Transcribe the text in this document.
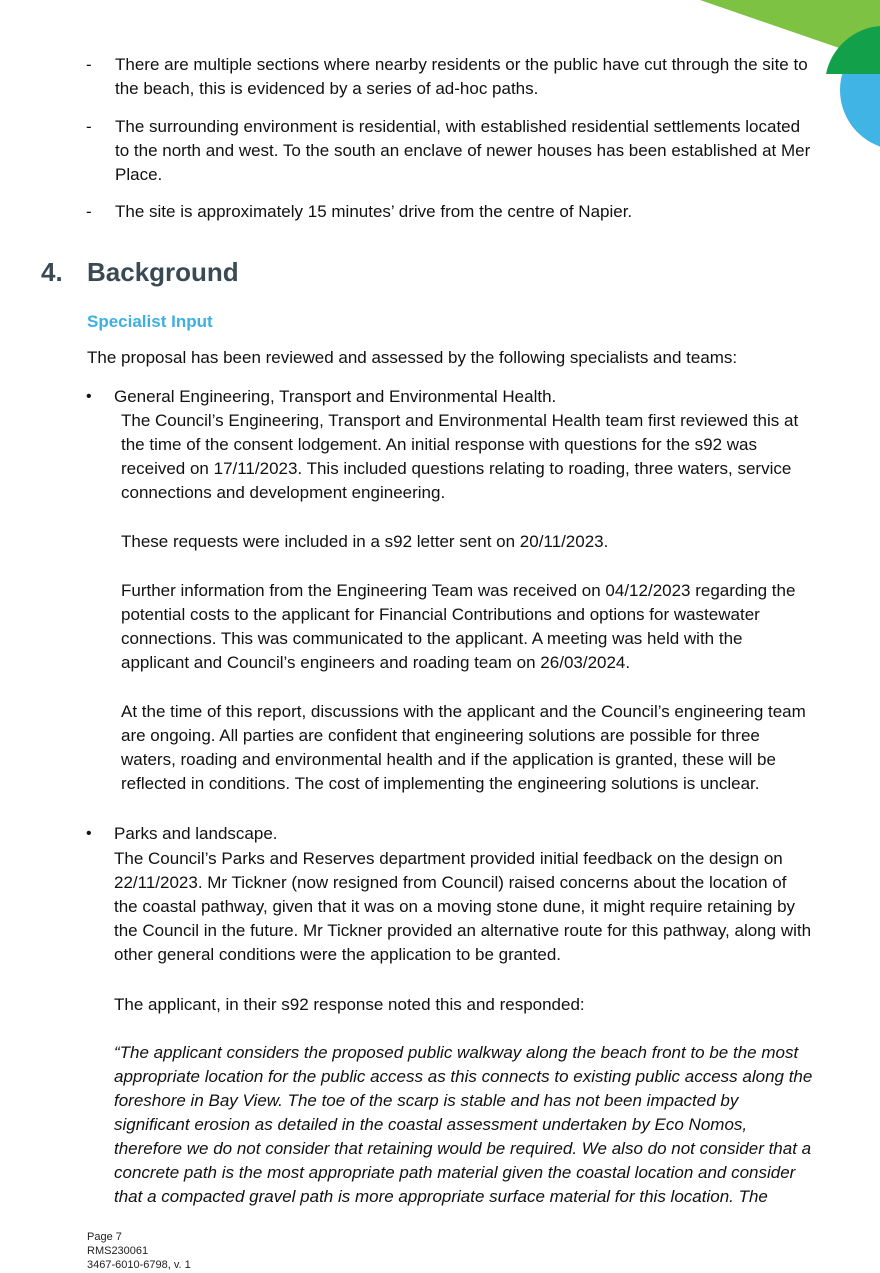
- There are multiple sections where nearby residents or the public have cut through the site to
the beach, this is evidenced by a series of ad-hoc paths.

- The surrounding environment is residential, with established residential settlements located
to the north and west. To the south an enclave of newer houses has been established at Mer
Place.

- The site is approximately 15 minutes’ drive from the centre of Napier.

4. Background
Specialist Input

The proposal has been reviewed and assessed by the following specialists and teams:

• General Engineering, Transport and Environmental Health.

The Council’s Engineering, Transport and Environmental Health team first reviewed this at
the time of the consent lodgement. An initial response with questions for the s92 was
received on 17/11/2023. This included questions relating to roading, three waters, service
connections and development engineering.

These requests were included in a s92 letter sent on 20/11/2023.

Further information from the Engineering Team was received on 04/12/2023 regarding the
potential costs to the applicant for Financial Contributions and options for wastewater
connections. This was communicated to the applicant. A meeting was held with the
applicant and Council’s engineers and roading team on 26/03/2024.

At the time of this report, discussions with the applicant and the Council’s engineering team
are ongoing. All parties are confident that engineering solutions are possible for three
waters, roading and environmental health and if the application is granted, these will be
reflected in conditions. The cost of implementing the engineering solutions is unclear.

• Parks and landscape.

The Council’s Parks and Reserves department provided initial feedback on the design on
22/11/2023. Mr Tickner (now resigned from Council) raised concerns about the location of
the coastal pathway, given that it was on a moving stone dune, it might require retaining by
the Council in the future. Mr Tickner provided an alternative route for this pathway, along with
other general conditions were the application to be granted.

The applicant, in their s92 response noted this and responded:

“The applicant considers the proposed public walkway along the beach front to be the most
appropriate location for the public access as this connects to existing public access along the
foreshore in Bay View. The toe of the scarp is stable and has not been impacted by
significant erosion as detailed in the coastal assessment undertaken by Eco Nomos,
therefore we do not consider that retaining would be required. We also do not consider that a
concrete path is the most appropriate path material given the coastal location and consider
that a compacted gravel path is more appropriate surface material for this location. The

Page 7
RMS230061
3467-6010-6798, v. 1
